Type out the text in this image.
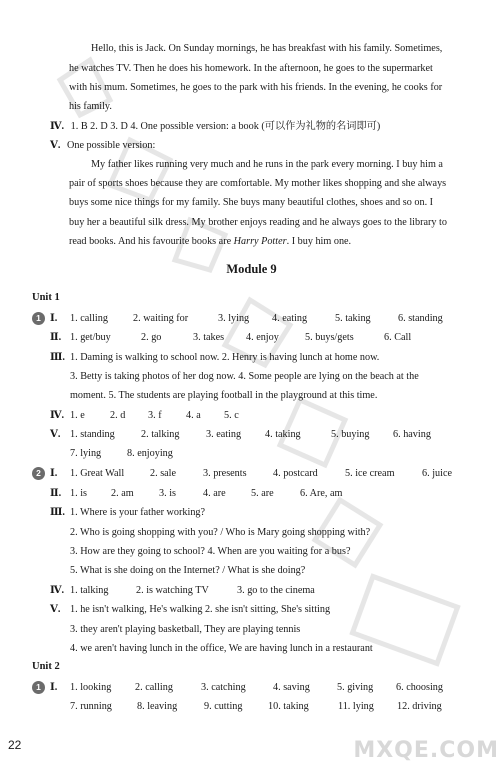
Hello, this is Jack. On Sunday mornings, he has breakfast with his family. Sometimes,
he watches TV. Then he does his homework. In the afternoon, he goes to the supermarket
with his mum. Sometimes, he goes to the park with his friends. In the evening, he cooks for
his family.
Ⅳ. 1. B 2. D 3. D 4. One possible version: a book (可以作为礼物的名词即可)
Ⅴ. One possible version:
My father likes running very much and he runs in the park every morning. I buy him a
pair of sports shoes because they are comfortable. My mother likes shopping and she always
buys some nice things for my family. She buys many beautiful clothes, shoes and so on. I
buy her a beautiful silk dress. My brother enjoys reading and he always goes to the library to
read books. And his favourite books are Harry Potter. I buy him one.
Module 9
Unit 1
1 Ⅰ. 1. calling 2. waiting for	3. lying 4. eating	5. taking	6. standing
Ⅱ. 1. get/buy	2. go	3. takes 4. enjoy	5. buys/gets	6. Call
Ⅲ. 1. Daming is walking to school now. 2. Henry is having lunch at home now.
3. Betty is taking photos of her dog now. 4. Some people are lying on the beach at the
moment. 5. The students are playing football in the playground at this time.
Ⅳ. 1. e 2. d 3. f 4. a 5. c
Ⅴ. 1. standing	2. talking	3. eating 4. taking	5. buying 6. having
7. lying	8. enjoying
2 Ⅰ. 1. Great Wall	2. sale	3. presents	4. postcard	5. ice cream	6. juice
Ⅱ. 1. is 2. am 3. is	4. are 5. are	6. Are, am
Ⅲ. 1. Where is your father working?
2. Who is going shopping with you? / Who is Mary going shopping with?
3. How are they going to school? 4. When are you waiting for a bus?
5. What is she doing on the Internet? / What is she doing?
Ⅳ. 1. talking	2. is watching TV	3. go to the cinema
Ⅴ. 1. he isn't walking, He's walking 2. she isn't sitting, She's sitting
3. they aren't playing basketball, They are playing tennis
4. we aren't having lunch in the office, We are having lunch in a restaurant
Unit 2
1 Ⅰ. 1. looking 2. calling	3. catching	4. saving	5. giving 6. choosing
7. running 8. leaving	9. cutting	10. taking	11. lying 12. driving
22	MXQE.COM
